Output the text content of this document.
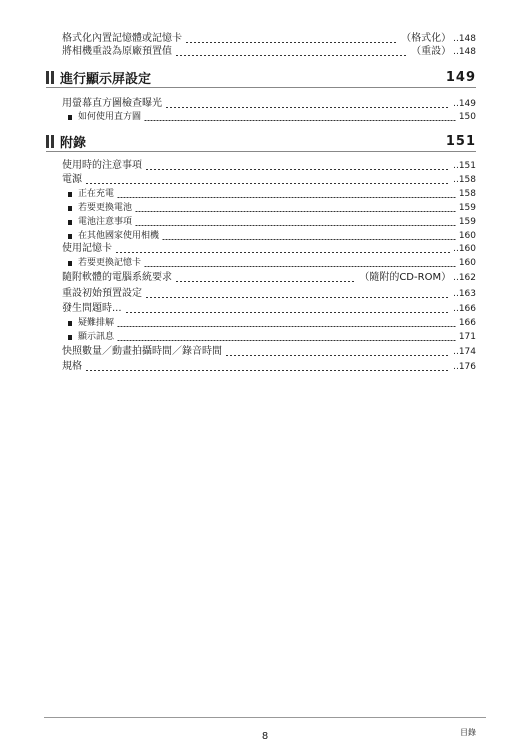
格式化內置記憶體或記憶卡	（格式化） .. 148
將相機重設為原廠預置值	（重設） .. 148
進行顯示屏設定	149
用螢幕直方圖檢查曝光	.. 149
如何使用直方圖	150
附錄	151
使用時的注意事項	.. 151
電源	.. 158
正在充電	158
若要更換電池	159
電池注意事項	159
在其他國家使用相機	160
使用記憶卡	.. 160
若要更換記憶卡	160
隨附軟體的電腦系統要求	（隨附的CD-ROM） .. 162
重設初始預置設定	.. 163
發生問題時...	.. 166
疑難排解	166
顯示訊息	171
快照數量／動畫拍攝時間／錄音時間	.. 174
規格	.. 176
8	目錄
